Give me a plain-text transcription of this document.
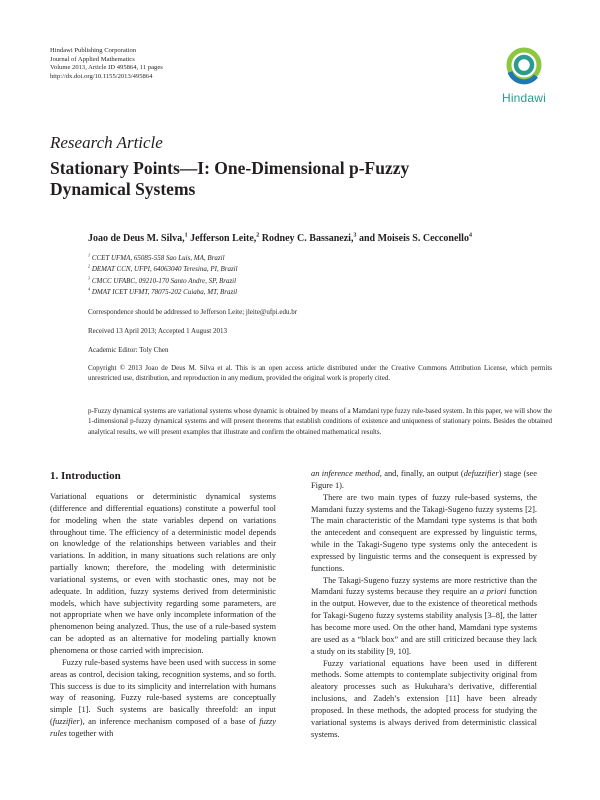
Hindawi Publishing Corporation
Journal of Applied Mathematics
Volume 2013, Article ID 495864, 11 pages
http://dx.doi.org/10.1155/2013/495864
Hindawi
Research Article
Stationary Points—I: One-Dimensional p-Fuzzy
Dynamical Systems
Joao de Deus M. Silva,$^1$ Jefferson Leite,$^2$ Rodney C. Bassanezi,$^3$ and Moiseis S. Cecconello$^4$
$^1$ CCET UFMA, 65085-558 Sao Luis, MA, Brazil
$^2$ DEMAT CCN, UFPI, 64063040 Teresina, PI, Brazil
$^3$ CMCC UFABC, 09210-170 Santo Andre, SP, Brazil
$^4$ DMAT ICET UFMT, 78075-202 Cuiaba, MT, Brazil
Correspondence should be addressed to Jefferson Leite; jleite@ufpi.edu.br
Received 13 April 2013; Accepted 1 August 2013
Academic Editor: Toly Chen
Copyright © 2013 Joao de Deus M. Silva et al. This is an open access article distributed under the Creative Commons Attribution License, which permits unrestricted use, distribution, and reproduction in any medium, provided the original work is properly cited.
p-Fuzzy dynamical systems are variational systems whose dynamic is obtained by means of a Mamdani type fuzzy rule-based system. In this paper, we will show the 1-dimensional p-fuzzy dynamical systems and will present theorems that establish conditions of existence and uniqueness of stationary points. Besides the obtained analytical results, we will present examples that illustrate and confirm the obtained mathematical results.
1. Introduction

Variational equations or deterministic dynamical systems (difference and differential equations) constitute a powerful tool for modeling when the state variables depend on variations throughout time. The efficiency of a deterministic model depends on knowledge of the relationships between variables and their variations. In addition, in many situations such relations are only partially known; therefore, the modeling with deterministic variational systems, or even with stochastic ones, may not be adequate. In addition, fuzzy systems derived from deterministic models, which have subjectivity regarding some parameters, are not appropriate when we have only incomplete information of the phenomenon being analyzed. Thus, the use of a rule-based system can be adopted as an alternative for modeling partially known phenomena or those carried with imprecision.

Fuzzy rule-based systems have been used with success in some areas as control, decision taking, recognition systems, and so forth. This success is due to its simplicity and interrelation with humans way of reasoning. Fuzzy rule-based systems are conceptually simple [1]. Such systems are basically threefold: an input (fuzzifier), an inference mechanism composed of a base of fuzzy rules together with

an inference method, and, finally, an output (defuzzifier) stage (see Figure 1).

There are two main types of fuzzy rule-based systems, the Mamdani fuzzy systems and the Takagi-Sugeno fuzzy systems [2]. The main characteristic of the Mamdani type systems is that both the antecedent and consequent are expressed by linguistic terms, while in the Takagi-Sugeno type systems only the antecedent is expressed by linguistic terms and the consequent is expressed by functions.

The Takagi-Sugeno fuzzy systems are more restrictive than the Mamdani fuzzy systems because they require an a priori function in the output. However, due to the existence of theoretical methods for Takagi-Sugeno fuzzy systems stability analysis [3–8], the latter has become more used. On the other hand, Mamdani type systems are used as a “black box” and are still criticized because they lack a study on its stability [9, 10].

Fuzzy variational equations have been used in different methods. Some attempts to contemplate subjectivity original from aleatory processes such as Hukuhara’s derivative, differential inclusions, and Zadeh’s extension [11] have been already proposed. In these methods, the adopted process for studying the variational systems is always derived from deterministic classical systems.
